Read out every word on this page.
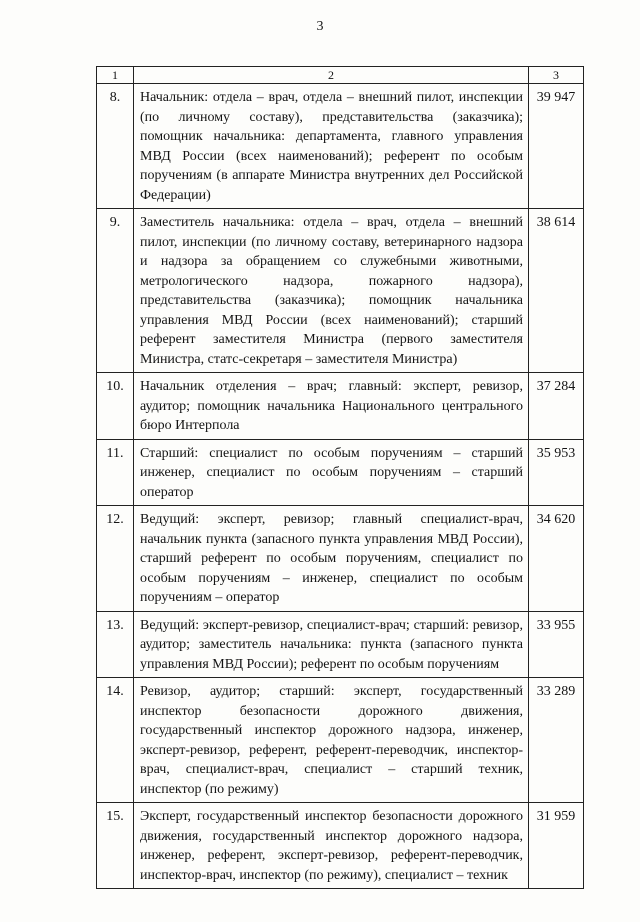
3
1	2	3
8.	Начальник: отдела – врач, отдела – внешний пилот, инспекции (по личному составу), представительства (заказчика); помощник начальника: департамента, главного управления МВД России (всех наименований); референт по особым поручениям (в аппарате Министра внутренних дел Российской Федерации)	39 947
9.	Заместитель начальника: отдела – врач, отдела – внешний пилот, инспекции (по личному составу, ветеринарного надзора и надзора за обращением со служебными животными, метрологического надзора, пожарного надзора), представительства (заказчика); помощник начальника управления МВД России (всех наименований); старший референт заместителя Министра (первого заместителя Министра, статс-секретаря – заместителя Министра)	38 614
10.	Начальник отделения – врач; главный: эксперт, ревизор, аудитор; помощник начальника Национального центрального бюро Интерпола	37 284
11.	Старший: специалист по особым поручениям – старший инженер, специалист по особым поручениям – старший оператор	35 953
12.	Ведущий: эксперт, ревизор; главный специалист-врач, начальник пункта (запасного пункта управления МВД России), старший референт по особым поручениям, специалист по особым поручениям – инженер, специалист по особым поручениям – оператор	34 620
13.	Ведущий: эксперт-ревизор, специалист-врач; старший: ревизор, аудитор; заместитель начальника: пункта (запасного пункта управления МВД России); референт по особым поручениям	33 955
14.	Ревизор, аудитор; старший: эксперт, государственный инспектор безопасности дорожного движения, государственный инспектор дорожного надзора, инженер, эксперт-ревизор, референт, референт-переводчик, инспектор-врач, специалист-врач, специалист – старший техник, инспектор (по режиму)	33 289
15.	Эксперт, государственный инспектор безопасности дорожного движения, государственный инспектор дорожного надзора, инженер, референт, эксперт-ревизор, референт-переводчик, инспектор-врач, инспектор (по режиму), специалист – техник	31 959
